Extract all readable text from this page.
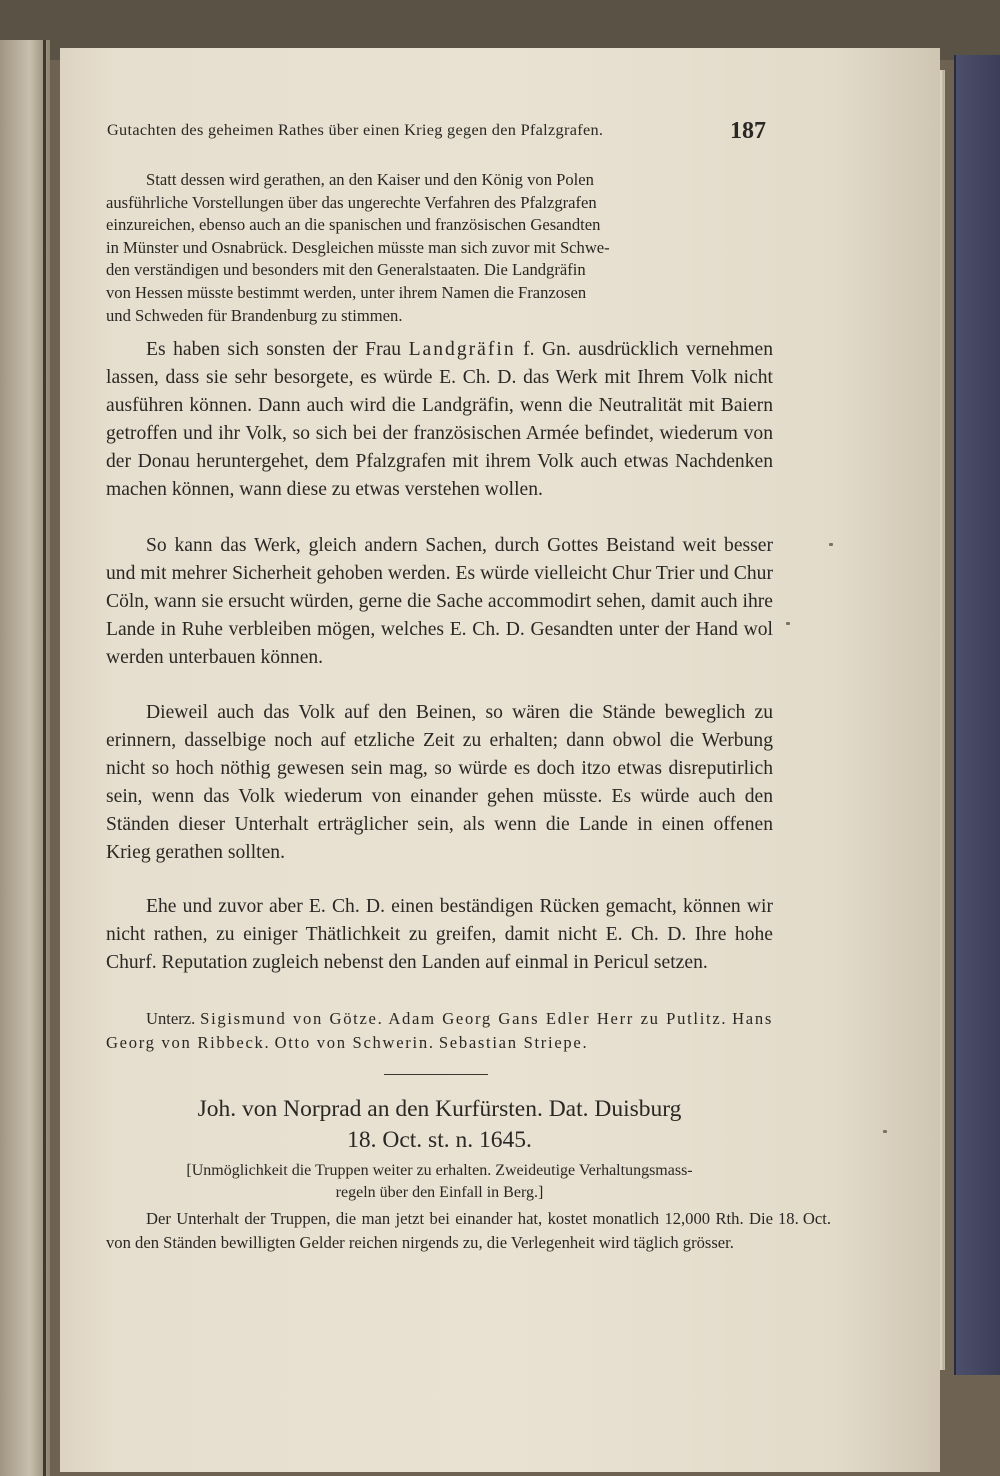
Gutachten des geheimen Rathes über einen Krieg gegen den Pfalzgrafen.	187
Statt dessen wird gerathen, an den Kaiser und den König von Polen
ausführliche Vorstellungen über das ungerechte Verfahren des Pfalzgrafen
einzureichen, ebenso auch an die spanischen und französischen Gesandten
in Münster und Osnabrück. Desgleichen müsste man sich zuvor mit Schwe-
den verständigen und besonders mit den Generalstaaten. Die Landgräfin
von Hessen müsste bestimmt werden, unter ihrem Namen die Franzosen
und Schweden für Brandenburg zu stimmen.

Es haben sich sonsten der Frau Landgräfin f. Gn. ausdrücklich vernehmen lassen, dass sie sehr besorgete, es würde E. Ch. D. das Werk mit Ihrem Volk nicht ausführen können. Dann auch wird die Landgräfin, wenn die Neutralität mit Baiern getroffen und ihr Volk, so sich bei der französischen Armée befindet, wiederum von der Donau heruntergehet, dem Pfalzgrafen mit ihrem Volk auch etwas Nachdenken machen können, wann diese zu etwas verstehen wollen.

So kann das Werk, gleich andern Sachen, durch Gottes Beistand weit besser und mit mehrer Sicherheit gehoben werden. Es würde vielleicht Chur Trier und Chur Cöln, wann sie ersucht würden, gerne die Sache accommodirt sehen, damit auch ihre Lande in Ruhe verbleiben mögen, welches E. Ch. D. Gesandten unter der Hand wol werden unterbauen können.

Dieweil auch das Volk auf den Beinen, so wären die Stände beweglich zu erinnern, dasselbige noch auf etzliche Zeit zu erhalten; dann obwol die Werbung nicht so hoch nöthig gewesen sein mag, so würde es doch itzo etwas disreputirlich sein, wenn das Volk wiederum von einander gehen müsste. Es würde auch den Ständen dieser Unterhalt erträglicher sein, als wenn die Lande in einen offenen Krieg gerathen sollten.

Ehe und zuvor aber E. Ch. D. einen beständigen Rücken gemacht, können wir nicht rathen, zu einiger Thätlichkeit zu greifen, damit nicht E. Ch. D. Ihre hohe Churf. Reputation zugleich nebenst den Landen auf einmal in Pericul setzen.

Unterz. Sigismund von Götze. Adam Georg Gans Edler Herr zu Putlitz. Hans Georg von Ribbeck. Otto von Schwerin. Sebastian Striepe.

Joh. von Norprad an den Kurfürsten. Dat. Duisburg
18. Oct. st. n. 1645.
[Unmöglichkeit die Truppen weiter zu erhalten. Zweideutige Verhaltungsmass-
regeln über den Einfall in Berg.]
18. Oct.

Der Unterhalt der Truppen, die man jetzt bei einander hat, kostet monatlich 12,000 Rth. Die von den Ständen bewilligten Gelder reichen nirgends zu, die Verlegenheit wird täglich grösser.
